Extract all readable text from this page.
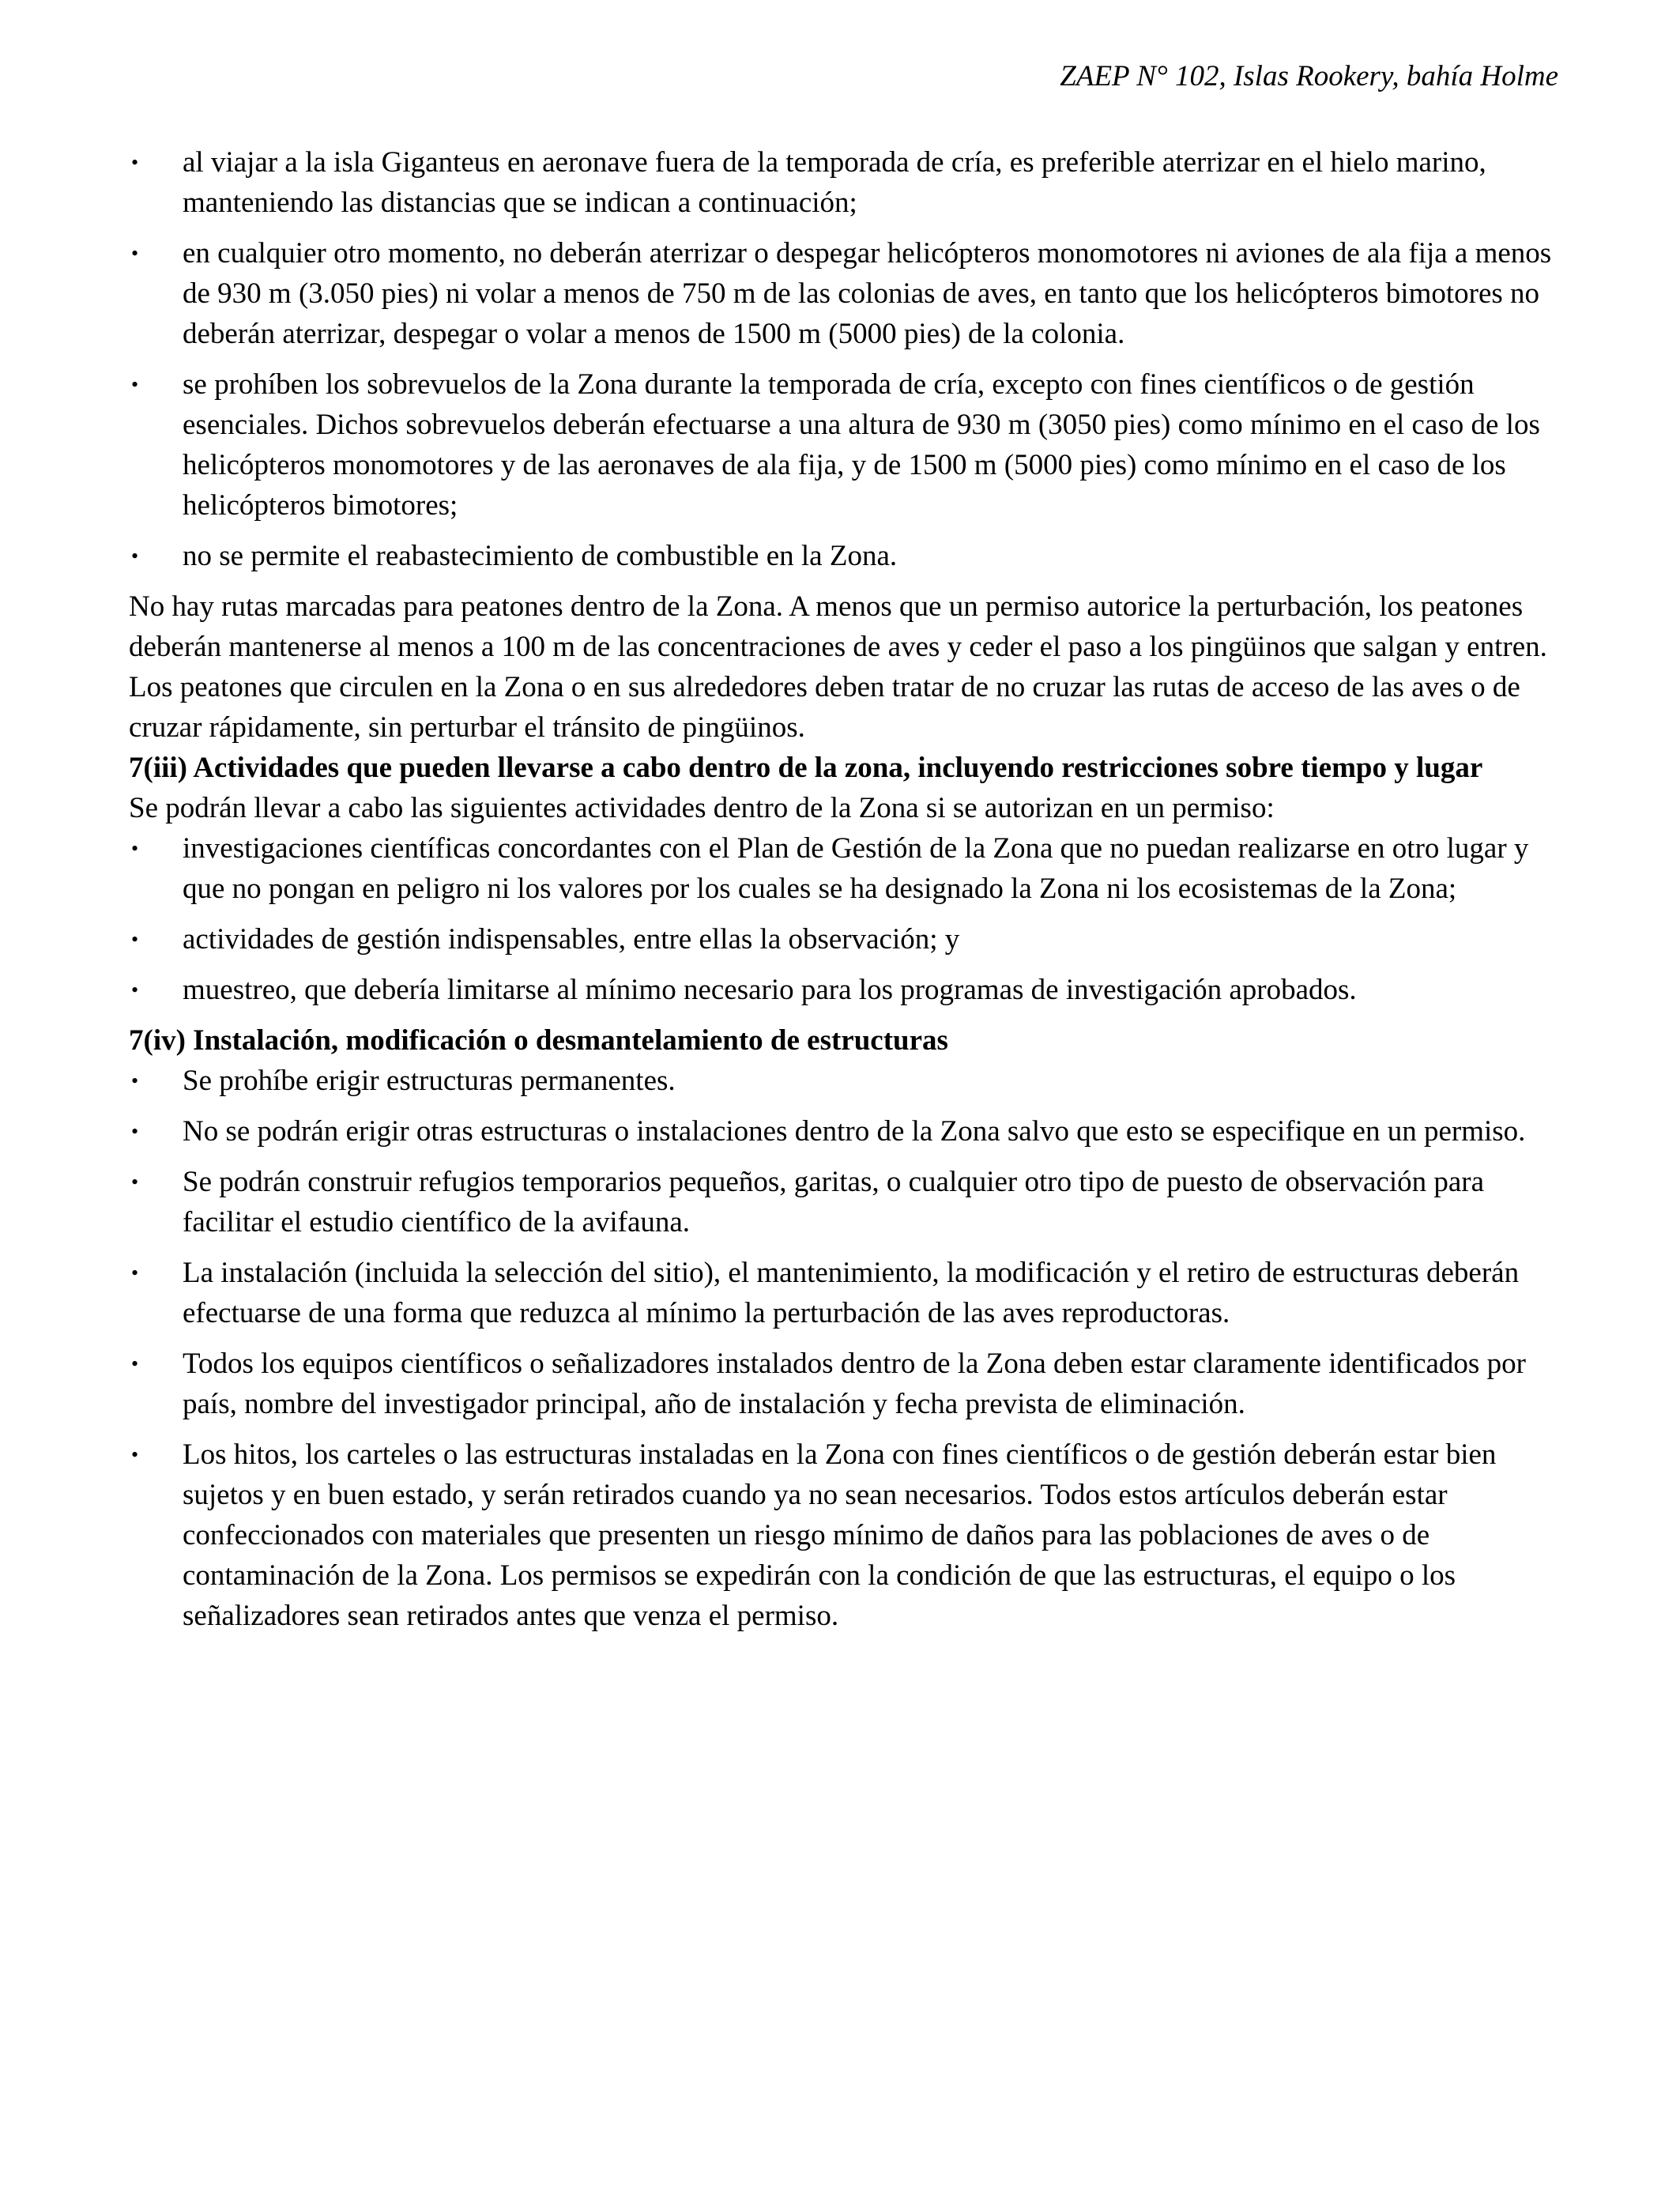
ZAEP N° 102, Islas Rookery, bahía Holme
• al viajar a la isla Giganteus en aeronave fuera de la temporada de cría, es preferible aterrizar en el hielo marino, manteniendo las distancias que se indican a continuación;
• en cualquier otro momento, no deberán aterrizar o despegar helicópteros monomotores ni aviones de ala fija a menos de 930 m (3.050 pies) ni volar a menos de 750 m de las colonias de aves, en tanto que los helicópteros bimotores no deberán aterrizar, despegar o volar a menos de 1500 m (5000 pies) de la colonia.
• se prohíben los sobrevuelos de la Zona durante la temporada de cría, excepto con fines científicos o de gestión esenciales. Dichos sobrevuelos deberán efectuarse a una altura de 930 m (3050 pies) como mínimo en el caso de los helicópteros monomotores y de las aeronaves de ala fija, y de 1500 m (5000 pies) como mínimo en el caso de los helicópteros bimotores;
• no se permite el reabastecimiento de combustible en la Zona.

No hay rutas marcadas para peatones dentro de la Zona. A menos que un permiso autorice la perturbación, los peatones deberán mantenerse al menos a 100 m de las concentraciones de aves y ceder el paso a los pingüinos que salgan y entren. Los peatones que circulen en la Zona o en sus alrededores deben tratar de no cruzar las rutas de acceso de las aves o de cruzar rápidamente, sin perturbar el tránsito de pingüinos.

7(iii) Actividades que pueden llevarse a cabo dentro de la zona, incluyendo restricciones sobre tiempo y lugar

Se podrán llevar a cabo las siguientes actividades dentro de la Zona si se autorizan en un permiso:

• investigaciones científicas concordantes con el Plan de Gestión de la Zona que no puedan realizarse en otro lugar y que no pongan en peligro ni los valores por los cuales se ha designado la Zona ni los ecosistemas de la Zona;
• actividades de gestión indispensables, entre ellas la observación; y
• muestreo, que debería limitarse al mínimo necesario para los programas de investigación aprobados.
7(iv) Instalación, modificación o desmantelamiento de estructuras
• Se prohíbe erigir estructuras permanentes.
• No se podrán erigir otras estructuras o instalaciones dentro de la Zona salvo que esto se especifique en un permiso.
• Se podrán construir refugios temporarios pequeños, garitas, o cualquier otro tipo de puesto de observación para facilitar el estudio científico de la avifauna.
• La instalación (incluida la selección del sitio), el mantenimiento, la modificación y el retiro de estructuras deberán efectuarse de una forma que reduzca al mínimo la perturbación de las aves reproductoras.
• Todos los equipos científicos o señalizadores instalados dentro de la Zona deben estar claramente identificados por país, nombre del investigador principal, año de instalación y fecha prevista de eliminación.
• Los hitos, los carteles o las estructuras instaladas en la Zona con fines científicos o de gestión deberán estar bien sujetos y en buen estado, y serán retirados cuando ya no sean necesarios. Todos estos artículos deberán estar confeccionados con materiales que presenten un riesgo mínimo de daños para las poblaciones de aves o de contaminación de la Zona. Los permisos se expedirán con la condición de que las estructuras, el equipo o los señalizadores sean retirados antes que venza el permiso.
